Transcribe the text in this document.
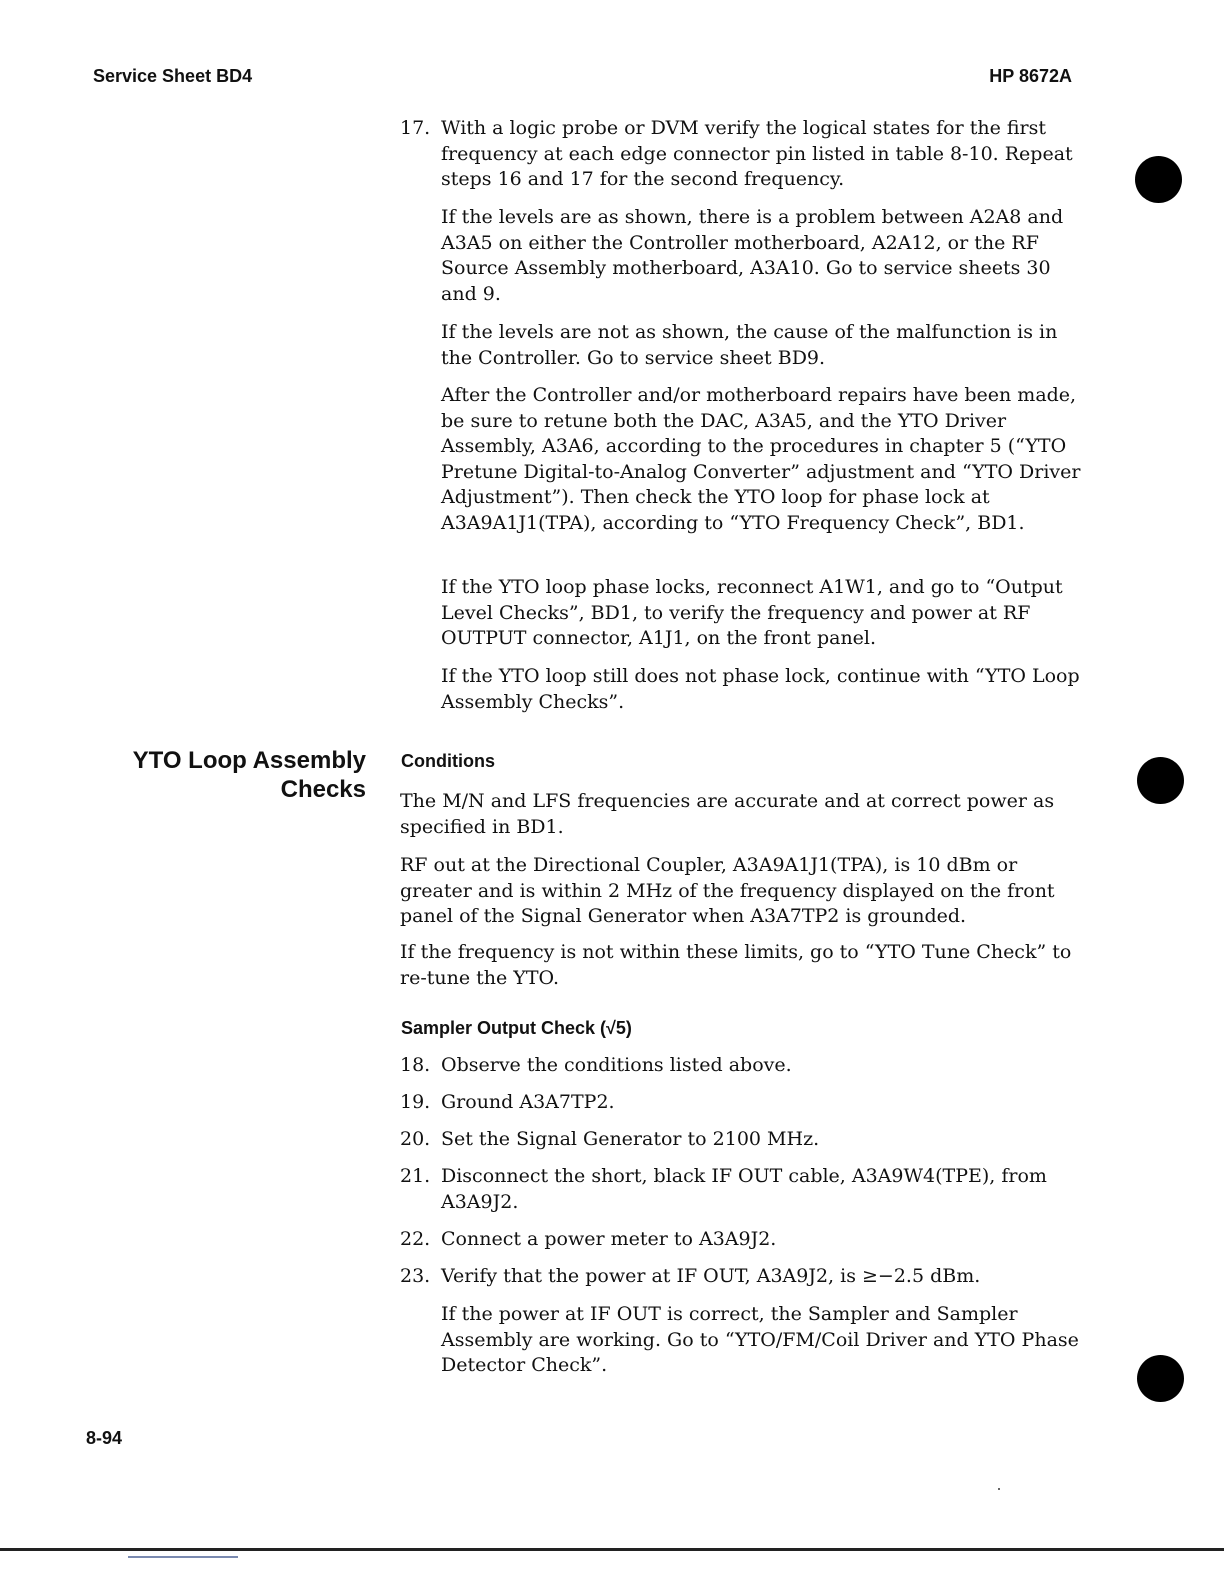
Service Sheet BD4	HP 8672A
17. With a logic probe or DVM verify the logical states for the first frequency at each edge connector pin listed in table 8-10. Repeat steps 16 and 17 for the second frequency.

If the levels are as shown, there is a problem between A2A8 and A3A5 on either the Controller motherboard, A2A12, or the RF Source Assembly motherboard, A3A10. Go to service sheets 30 and 9.

If the levels are not as shown, the cause of the malfunction is in the Controller. Go to service sheet BD9.

After the Controller and/or motherboard repairs have been made, be sure to retune both the DAC, A3A5, and the YTO Driver Assembly, A3A6, according to the procedures in chapter 5 (“YTO Pretune Digital-to-Analog Converter” adjustment and “YTO Driver Adjustment”). Then check the YTO loop for phase lock at A3A9A1J1(TPA), according to “YTO Frequency Check”, BD1.

If the YTO loop phase locks, reconnect A1W1, and go to “Output Level Checks”, BD1, to verify the frequency and power at RF OUTPUT connector, A1J1, on the front panel.

If the YTO loop still does not phase lock, continue with “YTO Loop Assembly Checks”.

YTO Loop Assembly
Checks
Conditions

The M/N and LFS frequencies are accurate and at correct power as specified in BD1.

RF out at the Directional Coupler, A3A9A1J1(TPA), is 10 dBm or greater and is within 2 MHz of the frequency displayed on the front panel of the Signal Generator when A3A7TP2 is grounded.

If the frequency is not within these limits, go to “YTO Tune Check” to re-tune the YTO.

Sampler Output Check (√5)
18. Observe the conditions listed above.
19. Ground A3A7TP2.
20. Set the Signal Generator to 2100 MHz.
21. Disconnect the short, black IF OUT cable, A3A9W4(TPE), from A3A9J2.
22. Connect a power meter to A3A9J2.
23. Verify that the power at IF OUT, A3A9J2, is ≥−2.5 dBm.

If the power at IF OUT is correct, the Sampler and Sampler Assembly are working. Go to “YTO/FM/Coil Driver and YTO Phase Detector Check”.

8-94
